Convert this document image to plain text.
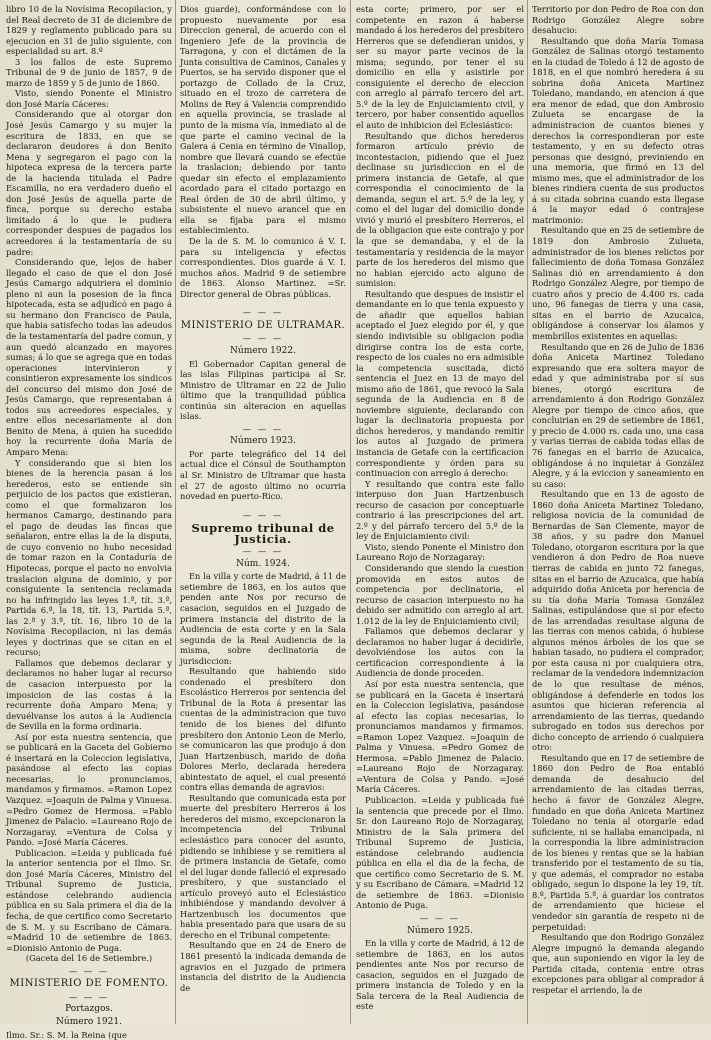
libro 10 de la Novísima Recopilacion, y del Real decreto de 31 de diciembre de 1829 y reglamento publicado para su ejecucion en 31 de julio siguiente, con especialidad su art. 8.º

3 los fallos de este Supremo Tribunal de 9 de junio de 1857, 9 de marzo de 1859 y 5 de junio de 1860.

Visto, siendo Ponente el Ministro don José María Cáceres:

Considerando que al otorgar don José Jesús Camargo y su mujer la escritura de 1833, en que se declararon deudores á don Benito Mena y segregaron el pago con la hipoteca expresa de la tercera parte de la hacienda titulada el Padre Escamilla, no era verdadero dueño el don José Jesús de aquella parte de finca, porque su derecho estaba limitado á lo que le pudiera corresponder despues de pagados los acreedores á la testamentaría de su padre:

Considerando que, lejos de haber llegado el caso de que el don José Jesús Camargo adquiriera el dominio pleno ni aun la posesion de la finca hipotecada, esta se adjudicó en pago á su hermano don Francisco de Paula, que habia satisfecho todas las adeudos de la testamentaría del padre comun, y aun quedó alcanzado en mayores sumas; á lo que se agrega que en todas operaciones intervinieron y consintieron expresamente los sindicos del concurso del mismo don José de Jesús Camargo, que representaban á todos sus acreedores especiales, y entre ellos necesariamente al don Benito de Mena, á quien ha sucedido hoy la recurrente doña María de Amparo Mena:

Y considerando que si bien los bienes de la herencia pasan á los herederos, esto se entiende sin perjuicio de los pactos que existieran, como el que formalizaron los hermanos Camargo, destinando para el pago de deudas las fincas que señalaron, entre ellas la de la disputa, de cuyo convenio no hubo necesidad de tomar razon en la Contaduría de Hipotecas, porque el pacto no envolvia traslacion alguna de dominio, y por consiguiente la sentencia reclamada no ha infringido las leyes 1.ª, tít. 3.ª, Partida 6.ª, la 18, tít. 13, Partida 5.ª, las 2.ª y 3.ª, tít. 16, libro 10 de la Novísima Recopilacion, ni las demás leyes y doctrinas que se citan en el recurso;

Fallamos que debemos declarar y declaramos no haber lugar al recurso de casacion interpuesto por la imposicion de las costas á la recurrente doña Amparo Mena; y devuélvanse los autos á la Audiencia de Sevilla en la forma ordinaria.

Así por esta nuestra sentencia, que se publicará en la Gaceta del Gobierno é insertará en la Coleccion legislativa, pasándose al efecto las copias necesarias, lo pronunciamos, mandamos y firmamos. =Ramon Lopez Vazquez. =Joaquin de Palma y Vinuesa. =Pedro Gomez de Hermosa. =Pablo Jimenez de Palacio. =Laureano Rojo de Norzagaray. =Ventura de Colsa y Pando. =José María Cáceres.

Publicacion. =Leida y publicada fué la anterior sentencia por el Ilmo. Sr. don José María Cáceres, Ministro del Tribunal Supremo de Justicia, estándose celebrando audiencia pública en su Sala primera el dia de la fecha, de que certifico como Secretario de S. M. y su Escribano de Cámara. =Madrid 10 de setiembre de 1863. =Dionisio Antonio de Puga.

(Gaceta del 16 de Setiembre.)

— — —

MINISTERIO DE FOMENTO.

— — —

Portazgos.

Número 1921.

Ilmo. Sr.: S. M. la Reina (que

Dios guarde), conformándose con lo propuesto nuevamente por esa Direccion general, de acuerdo con el Ingeniero Jefe de la provincia de Tarragona, y con el dictámen de la Junta consultiva de Caminos, Canales y Puertos, se ha servido disponer que el portazgo de Collado de la Cruz, situado en el trozo de carretera de Molins de Rey á Valencia comprendido en aquella provincia, se traslade al punto de la misma vía, inmediato al de que parte el camino vecinal de la Galera á Cenia en término de Vinallop, nombre que llevará cuando se efectúe la traslacion; debiendo por tanto quedar sin efecto el emplazamiento acordado para el citado portazgo en Real órden de 30 de abril último, y subsistente el nuevo arancel que en ella se fijaba para el mismo establecimiento.

De la de S. M. lo comunico á V. I. para su inteligencia y efectos correspondientes. Dios guarde á V. I. muchos años. Madrid 9 de setiembre de 1863. Alonso Martinez. =Sr. Director general de Obras públicas.

— — —

MINISTERIO DE ULTRAMAR.

— — —

Número 1922.

El Gobernador Capitan general de las islas Filipinas participa al Sr. Ministro de Ultramar en 22 de Julio último que la tranquilidad pública continúa sin alteracion en aquellas islas.

— — —

Número 1923.

Por parte telegráfico del 14 del actual dice el Cónsul de Southampton al Sr. Ministro de Ultramar que hasta el 27 de agosto último no ocurria novedad en puerto-Rico.

— — —

Supremo tribunal de Justicia.

— — —

Núm. 1924.

En la villa y corte de Madrid, á 11 de setiembre de 1863, en los autos que penden ante Nos por recurso de casacion, seguidos en el Juzgado de primera instancia del distrito de la Audiencia de esta corte y en la Sala segunda de la Real Audiencia de la misma, sobre declinatoria de jurisdiccion:

Resultando que habiendo sido condenado el presbítero don Escolástico Herreros por sentencia del Tribunal de la Rota á presentar las cuentas de la administracion que tuvo tenido de los bienes del difunto presbítero don Antonio Leon de Merlo, se comunicaron las que produjo á don Juan Hartzenbusch, marido de doña Dolores Merlo, declarada heredera abintestato de aquel, el cual presentó contra ellas demanda de agravios:

Resultando que comunicada esta por muerte del presbítero Herreros á los herederos del mismo, excepcionaron la incompetencia del Tribunal eclesiástico para conocer del asunto, pidiendo se inhibiese y se remitiera al de primera instancia de Getafe, como el del lugar donde falleció el expresado presbítero, y que sustanciado el artículo proveyó auto el Eclesiástico inhibiéndose y mandando devolver á Hartzenbusch los documentos que habia presentado para que usara de su derecho en el Tribunal competente:

Resultando que en 24 de Enero de 1861 presentó la indicada demanda de agravios en el Juzgado de primera instancia del distrito de la Audiencia de

esta corte; primero, por ser el competente en razon á haberse mandado á los herederos del presbítero Herreros que se defendieran unidos, y ser su mayor parte vecinos de la misma; segundo, por tener el su domicilio en ella y asistirle por consiguiente el derecho de eleccion con arreglo al párrafo tercero del art. 5.º de la ley de Enjuiciamiento civil, y tercero, por haber consentido aquellos el auto de inhibicion del Eclesiástico:

Resultando que dichos herederos formaron artículo prévio de incontestacion, pidiendo que el Juez declinase su jurisdiccion en el de primera instancia de Getafe, al que correspondia el conocimiento de la demanda, segun el art. 5.º de la ley, y como el del lugar del domicilio donde vivió y murió el presbítero Herreros, el de la obligacion que este contrajo y por la que se demandaba, y el de la testamentaría y residencia de la mayor parte de los herederos del mismo que no habian ejercido acto alguno de sumision:

Resultando que despues de insistir el demandante en lo que tenia expuesto y de añadir que aquellos habian aceptado el Juez elegido por él, y que siendo indivisible su obligacion podia dirigirse contra los de esta corte, respecto de los cuales no era admisible la competencia suscitada, dictó sentencia el Juez en 13 de mayo del mismo año de 1861, que revocó la Sala segunda de la Audiencia en 8 de noviembre siguiente, declarando con lugar la declinatoria propuesta por dichos herederos, y mandando remitir los autos al Juzgado de primera instancia de Getafe con la certificacion correspondiente y órden para su continuacion con arreglo á derecho:

Y resultando que contra este fallo interpuso don Juan Hartzenbusch recurso de casacion por conceptuarle contrario á las prescripciones del art. 2.º y del párrafo tercero del 5.º de la ley de Enjuiciamiento civil:

Visto, siendo Ponente el Ministro don Laureano Rojo de Norzagaray:

Considerando que siendo la cuestion promovida en estos autos de competencia por declinatoria, el recurso de casacion interpuesto no ha debido ser admitido con arreglo al art. 1.012 de la ley de Enjuiciamiento civil;

Fallamos que debemos declarar y declaramos no haber lugar á decidirle, devolviéndose los autos con la certificacion correspondiente á la Audiencia de donde proceden.

Así por esta nuestra sentencia, que se publicará en la Gaceta é insertará en la Coleccion legislativa, pasándose al efecto las copias necesarias, lo pronunciamos mandamos y firmamos. =Ramon Lopez Vazquez. =Joaquin de Palma y Vinuesa. =Pedro Gomez de Hermosa. =Pablo Jimenez de Palacio. =Laureano Rojo de Norzagaray. =Ventura de Colsa y Pando. =José María Cáceres.

Publicacion. =Leida y publicada fué la sentencia que precede por el Ilmo. Sr. don Laureano Rojo de Norzagaray, Ministro de la Sala primera del Tribunal Supremo de Justicia, estándose celebrando audiencia pública en ella el dia de la fecha, de que certifico como Secretario de S. M. y su Escribano de Cámara. =Madrid 12 de setiembre de 1863. =Dionisio Antonio de Puga.

— — —

Número 1925.

En la villa y corte de Madrid, á 12 de setiembre de 1863, en los autos pendientes ante Nos por recurso de casacion, seguidos en el Juzgado de primera instancia de Toledo y en la Sala tercera de la Real Audiencia de este

Territorio por don Pedro de Roa con don Rodrigo González Alegre sobre desahucio:

Resultando que doña María Tomasa González de Salinas otorgó testamento en la ciudad de Toledo á 12 de agosto de 1818, en el que nombró heredera á su sobrina doña Aniceta Martinez Toledano, mandando, en atencion á que era menor de edad, que don Ambrosio Zulueta se encargase de la administracion de cuantos bienes y derechos la correspondieran por este testamento, y en su defecto otras personas que designó, previniendo en una memoria, que firmó en 13 del mismo mes, que el administrador de los bienes rindiera cuenta de sus productos á su citada sobrina cuando esta llegase á la mayor edad ó contrajese matrimonio:

Resultando que en 25 de setiembre de 1819 don Ambrosio Zulueta, administrador de los bienes relictos por fallecimiento de doña Tomasa González Salinas dió en arrendamiento á don Rodrigo González Alegre, por tiempo de cuatro años y precio de 4.400 rs. cada uno, 96 fanegas de tierra y una casa, sitas en el barrio de Azucaica, obligándose á conservar los álamos y membrillos existentes en aquellas:

Resultando que en 26 de Julio de 1836 doña Aniceta Martinez Toledano expresando que era soltera mayor de edad y que administraba por sí sus bienes, otorgó escritura de arrendamiento á don Rodrigo González Alegre por tiempo de cinco años, que concluirian en 29 de setiembre de 1861, y precio de 4.000 rs. cada uno, una casa y varias tierras de cabida todas ellas de 76 fanegas en el barrio de Azucaica, obligándose á no inquietar á González Alegre, y á la eviccion y saneamiento en su caso:

Resultando que en 13 de agosto de 1860 doña Aniceta Martinez Toledano, religiosa novicia de la comunidad de Bernardas de San Clemente, mayor de 38 años, y su padre don Manuel Toledano, otorgaron escritura por la que vendieron á don Pedro de Roa nueve tierras de cabida en junto 72 fanegas, sitas en el barrio de Azucaica, que había adquirido doña Aniceta por herencia de su tía doña María Tomasa González Salinas, estipulándose que si por efecto de las arrendadas resultase alguna de las tierras con menos cabida, ó hubiese algunos ménos árboles de los que se habian tasado, no pudiera el comprador, por esta causa ni por cualquiera otra, reclamar de la vendedora indemnizacion de lo que resultase de ménos, obligándose á defenderle en todos los asuntos que hicieran referencia al arrendamiento de las tierras, quedando subrogado en todos sus derechos por dicho concepto de arriendo ó cualquiera otro:

Resultando que en 17 de setiembre de 1860 don Pedro de Roa entabló demanda de desahucio del arrendamiento de las citadas tierras, hecho á favor de González Alegre, fundado en que doña Aniceta Martinez Toledano no tenia al otorgarle edad suficiente, ni se hallaba emancipada, ni la correspondia la libre administracion de los bienes y rentas que se la habian transferido por el testamento de su tía, y que además, el comprador no estaba obligado, segun lo dispone la ley 19, tít. 8.º, Partida 5.ª, á guardar los contratos de arrendamiento que hiciese el vendedor sin garantía de respeto ni de perpetuidad:

Resultando que don Rodrigo González Alegre impugnó la demanda alegando que, aun suponiendo en vigor la ley de Partida citada, contenia entre otras excepciones para obligar al comprador á respetar el arriendo, la de
